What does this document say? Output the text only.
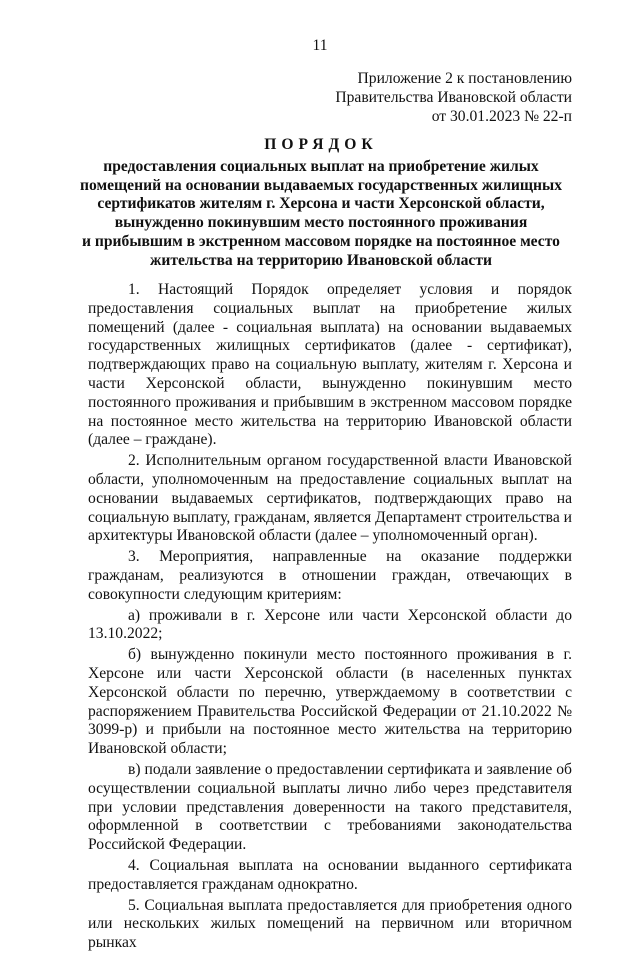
11
Приложение 2 к постановлению
Правительства Ивановской области
от 30.01.2023 № 22-п
ПОРЯДОК
предоставления социальных выплат на приобретение жилых
помещений на основании выдаваемых государственных жилищных
сертификатов жителям г. Херсона и части Херсонской области,
вынужденно покинувшим место постоянного проживания
и прибывшим в экстренном массовом порядке на постоянное место
жительства на территорию Ивановской области

1. Настоящий Порядок определяет условия и порядок предоставления социальных выплат на приобретение жилых помещений (далее - социальная выплата) на основании выдаваемых государственных жилищных сертификатов (далее - сертификат), подтверждающих право на социальную выплату, жителям г. Херсона и части Херсонской области, вынужденно покинувшим место постоянного проживания и прибывшим в экстренном массовом порядке на постоянное место жительства на территорию Ивановской области (далее – граждане).

2. Исполнительным органом государственной власти Ивановской области, уполномоченным на предоставление социальных выплат на основании выдаваемых сертификатов, подтверждающих право на социальную выплату, гражданам, является Департамент строительства и архитектуры Ивановской области (далее – уполномоченный орган).

3. Мероприятия, направленные на оказание поддержки гражданам, реализуются в отношении граждан, отвечающих в совокупности следующим критериям:

а) проживали в г. Херсоне или части Херсонской области до 13.10.2022;

б) вынужденно покинули место постоянного проживания в г. Херсоне или части Херсонской области (в населенных пунктах Херсонской области по перечню, утверждаемому в соответствии с распоряжением Правительства Российской Федерации от 21.10.2022 № 3099-р) и прибыли на постоянное место жительства на территорию Ивановской области;

в) подали заявление о предоставлении сертификата и заявление об осуществлении социальной выплаты лично либо через представителя при условии представления доверенности на такого представителя, оформленной в соответствии с требованиями законодательства Российской Федерации.

4. Социальная выплата на основании выданного сертификата предоставляется гражданам однократно.

5. Социальная выплата предоставляется для приобретения одного или нескольких жилых помещений на первичном или вторичном рынках
